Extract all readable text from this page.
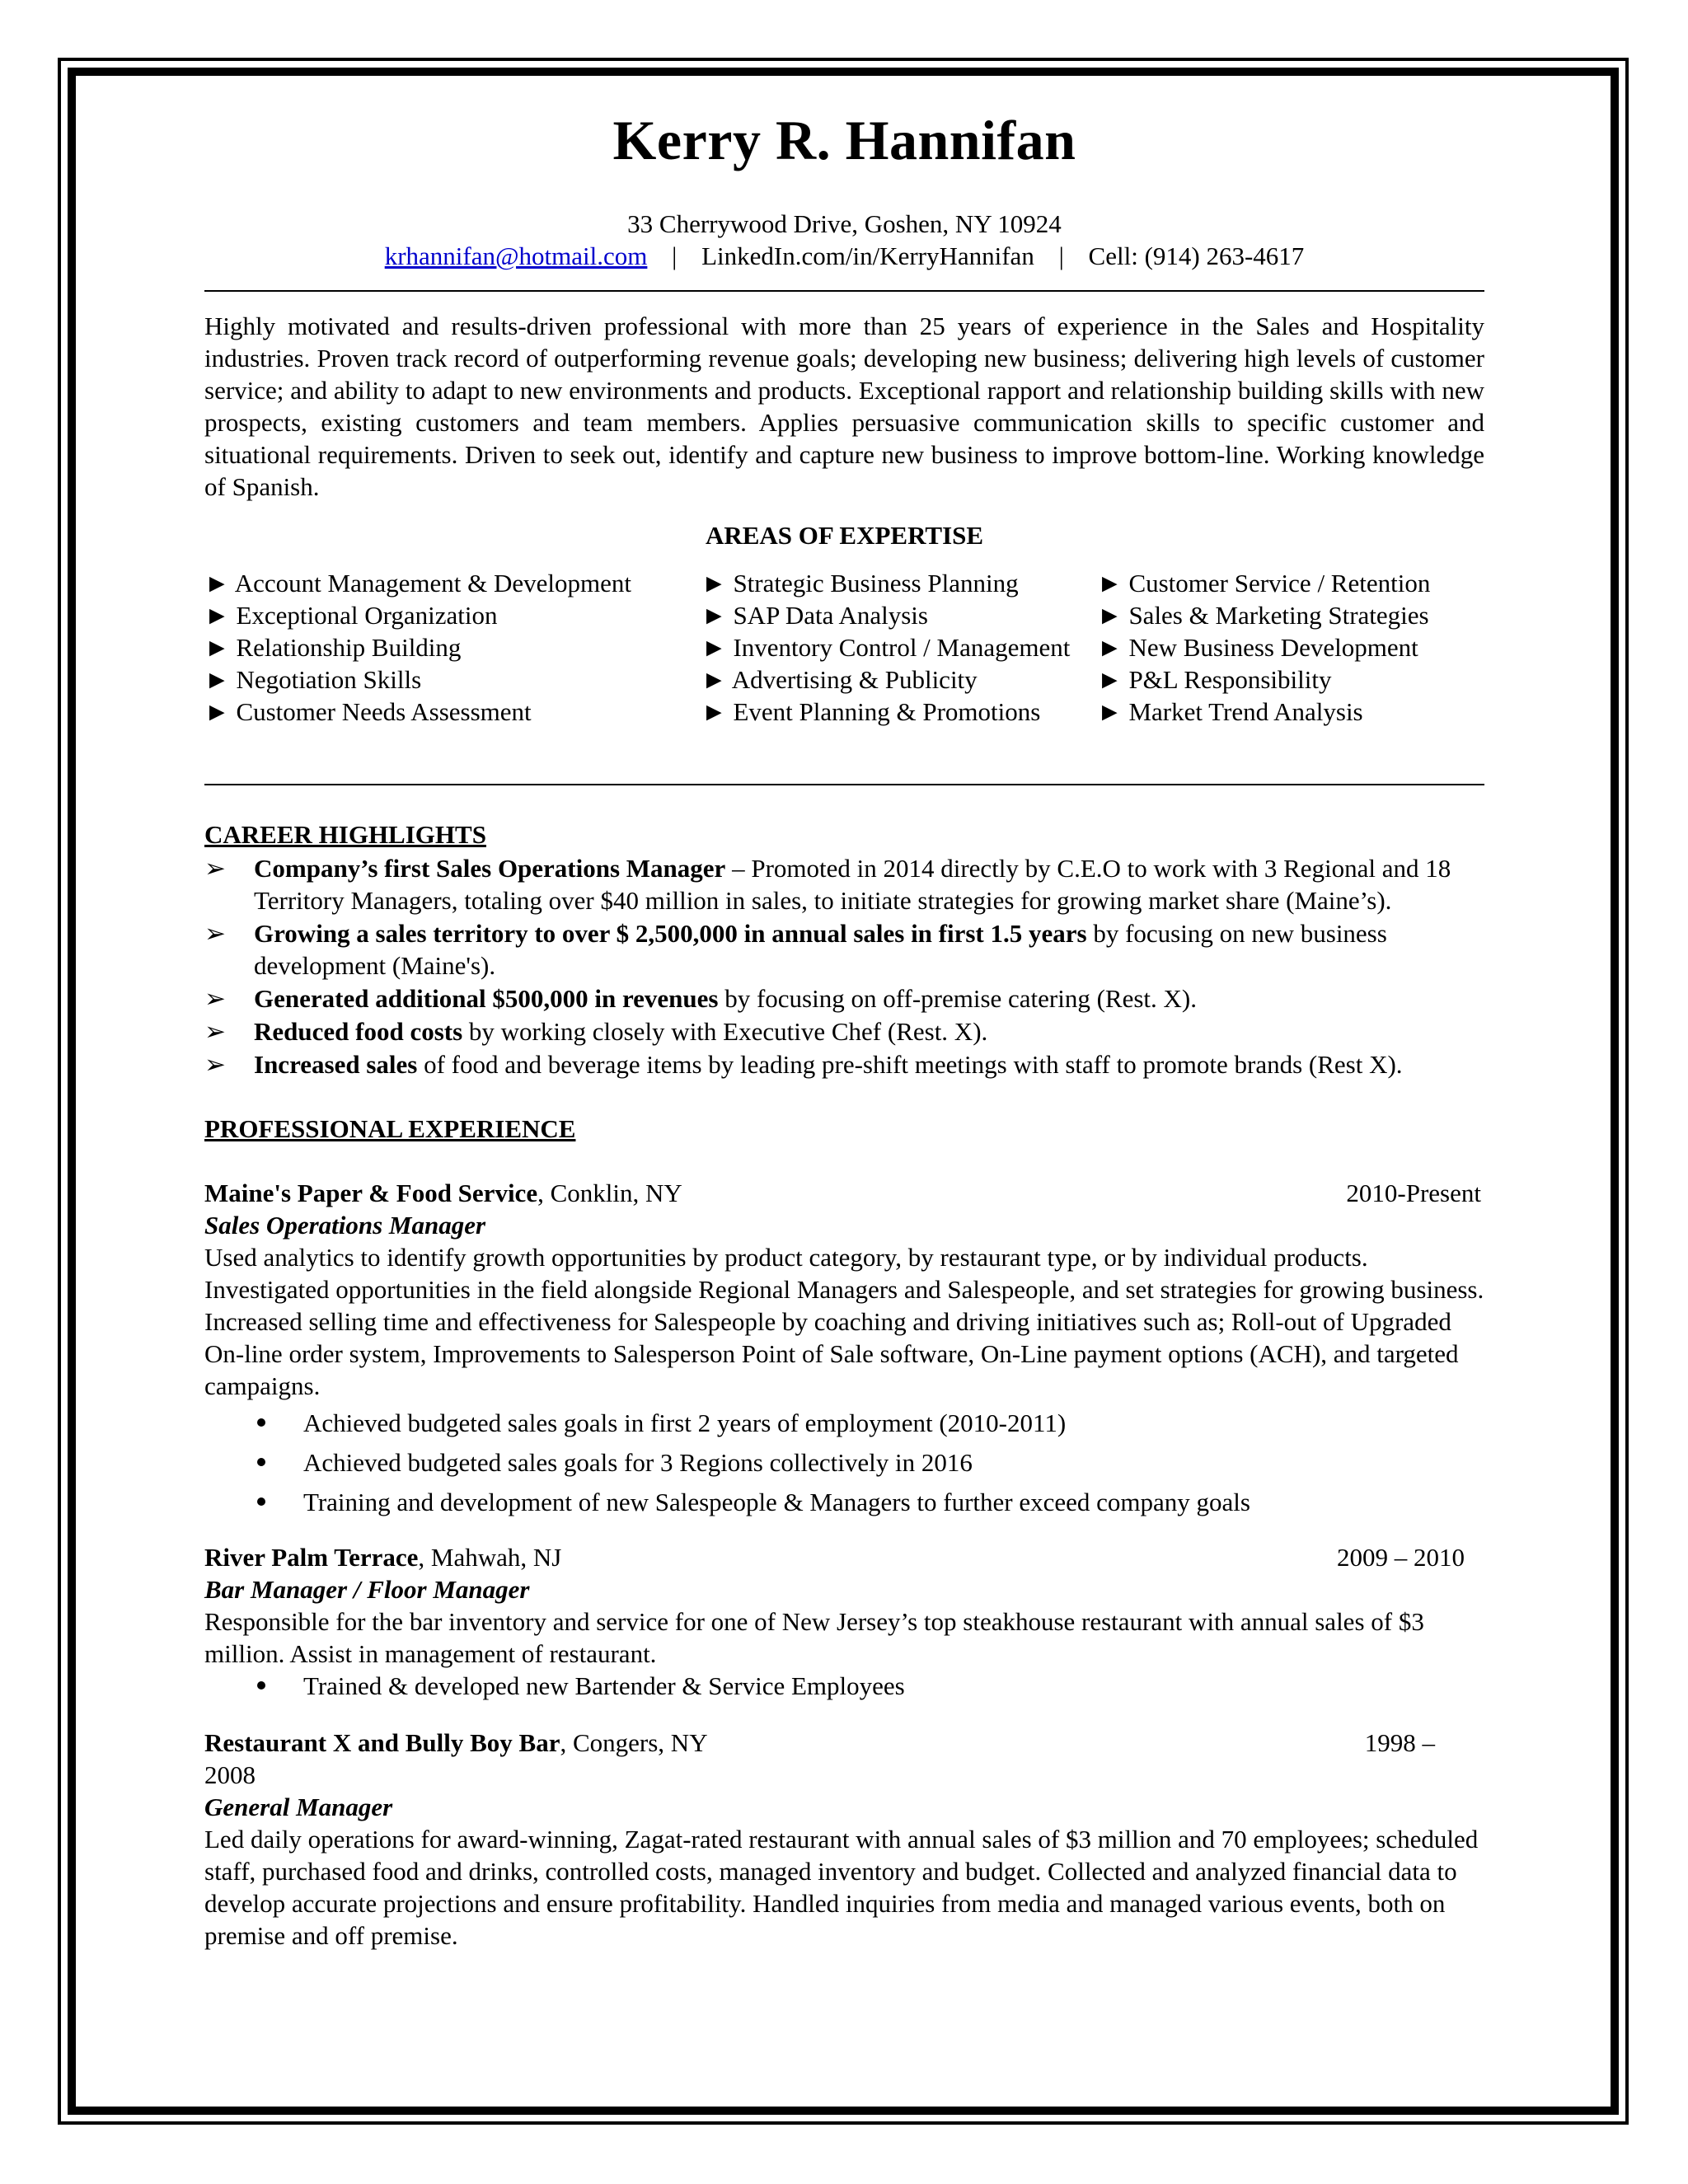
Kerry R. Hannifan
33 Cherrywood Drive, Goshen, NY 10924
krhannifan@hotmail.com | LinkedIn.com/in/KerryHannifan | Cell: (914) 263-4617
Highly motivated and results-driven professional with more than 25 years of experience in the Sales and Hospitality industries. Proven track record of outperforming revenue goals; developing new business; delivering high levels of customer service; and ability to adapt to new environments and products. Exceptional rapport and relationship building skills with new prospects, existing customers and team members. Applies persuasive communication skills to specific customer and situational requirements. Driven to seek out, identify and capture new business to improve bottom-line. Working knowledge of Spanish.
AREAS OF EXPERTISE
► Account Management & Development	► Strategic Business Planning	► Customer Service / Retention
► Exceptional Organization	► SAP Data Analysis	► Sales & Marketing Strategies
► Relationship Building	► Inventory Control / Management	► New Business Development
► Negotiation Skills	► Advertising & Publicity	► P&L Responsibility
► Customer Needs Assessment	► Event Planning & Promotions	► Market Trend Analysis
CAREER HIGHLIGHTS
➢ Company’s first Sales Operations Manager – Promoted in 2014 directly by C.E.O to work with 3 Regional and 18 Territory Managers, totaling over $40 million in sales, to initiate strategies for growing market share (Maine’s).
➢ Growing a sales territory to over $ 2,500,000 in annual sales in first 1.5 years by focusing on new business development (Maine's).
➢ Generated additional $500,000 in revenues by focusing on off-premise catering (Rest. X).
➢ Reduced food costs by working closely with Executive Chef (Rest. X).
➢ Increased sales of food and beverage items by leading pre-shift meetings with staff to promote brands (Rest X).
PROFESSIONAL EXPERIENCE
Maine's Paper & Food Service, Conklin, NY	2010-Present
Sales Operations Manager
Used analytics to identify growth opportunities by product category, by restaurant type, or by individual products. Investigated opportunities in the field alongside Regional Managers and Salespeople, and set strategies for growing business. Increased selling time and effectiveness for Salespeople by coaching and driving initiatives such as; Roll-out of Upgraded On-line order system, Improvements to Salesperson Point of Sale software, On-Line payment options (ACH), and targeted campaigns.
Achieved budgeted sales goals in first 2 years of employment (2010-2011)
Achieved budgeted sales goals for 3 Regions collectively in 2016
Training and development of new Salespeople & Managers to further exceed company goals
River Palm Terrace, Mahwah, NJ	2009 – 2010
Bar Manager / Floor Manager
Responsible for the bar inventory and service for one of New Jersey’s top steakhouse restaurant with annual sales of $3 million. Assist in management of restaurant.
Trained & developed new Bartender & Service Employees
Restaurant X and Bully Boy Bar, Congers, NY	1998 –
2008
General Manager
Led daily operations for award-winning, Zagat-rated restaurant with annual sales of $3 million and 70 employees; scheduled staff, purchased food and drinks, controlled costs, managed inventory and budget. Collected and analyzed financial data to develop accurate projections and ensure profitability. Handled inquiries from media and managed various events, both on premise and off premise.
